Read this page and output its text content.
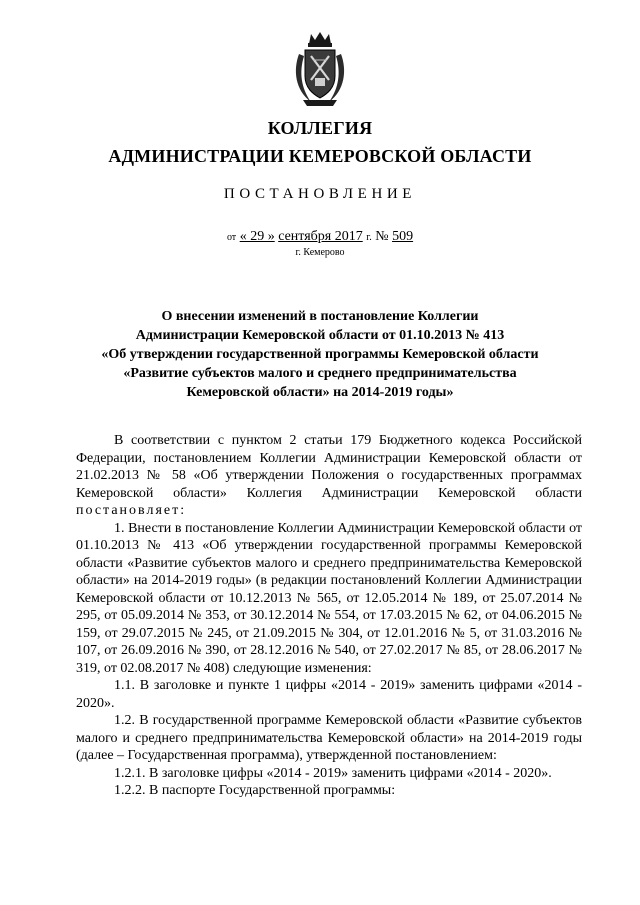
КОЛЛЕГИЯ
АДМИНИСТРАЦИИ КЕМЕРОВСКОЙ ОБЛАСТИ
ПОСТАНОВЛЕНИЕ
от « 29 » сентября 2017 г. № 509
г. Кемерово
О внесении изменений в постановление Коллегии
Администрации Кемеровской области от 01.10.2013 № 413
«Об утверждении государственной программы Кемеровской области
«Развитие субъектов малого и среднего предпринимательства
Кемеровской области» на 2014-2019 годы»

В соответствии с пунктом 2 статьи 179 Бюджетного кодекса Российской Федерации, постановлением Коллегии Администрации Кемеровской области от 21.02.2013 № 58 «Об утверждении Положения о государственных программах Кемеровской области» Коллегия Администрации Кемеровской области постановляет:

1. Внести в постановление Коллегии Администрации Кемеровской области от 01.10.2013 № 413 «Об утверждении государственной программы Кемеровской области «Развитие субъектов малого и среднего предпринимательства Кемеровской области» на 2014-2019 годы» (в редакции постановлений Коллегии Администрации Кемеровской области от 10.12.2013 № 565, от 12.05.2014 № 189, от 25.07.2014 № 295, от 05.09.2014 № 353, от 30.12.2014 № 554, от 17.03.2015 № 62, от 04.06.2015 № 159, от 29.07.2015 № 245, от 21.09.2015 № 304, от 12.01.2016 № 5, от 31.03.2016 № 107, от 26.09.2016 № 390, от 28.12.2016 № 540, от 27.02.2017 № 85, от 28.06.2017 № 319, от 02.08.2017 № 408) следующие изменения:

1.1. В заголовке и пункте 1 цифры «2014 - 2019» заменить цифрами «2014 - 2020».

1.2. В государственной программе Кемеровской области «Развитие субъектов малого и среднего предпринимательства Кемеровской области» на 2014-2019 годы (далее – Государственная программа), утвержденной постановлением:

1.2.1. В заголовке цифры «2014 - 2019» заменить цифрами «2014 - 2020».

1.2.2. В паспорте Государственной программы:
